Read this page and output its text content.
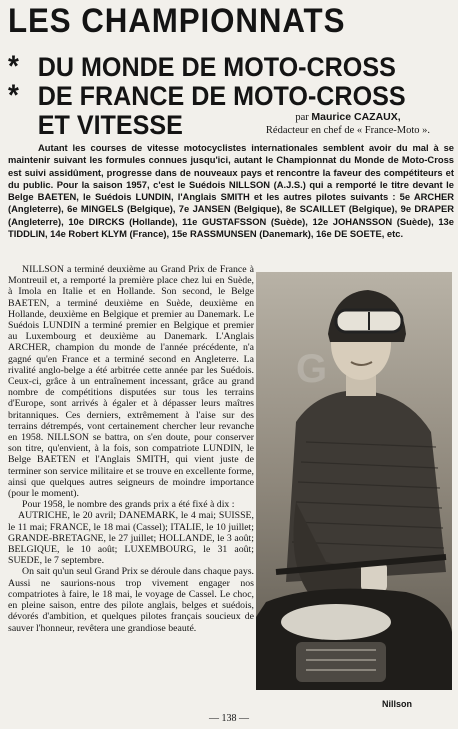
LES CHAMPIONNATS
* DU MONDE DE MOTO-CROSS
* DE FRANCE DE MOTO-CROSS
ET VITESSE	par Maurice CAZAUX,
Rédacteur en chef de « France-Moto ».

Autant les courses de vitesse motocyclistes internationales semblent avoir du mal à se maintenir suivant les formules connues jusqu'ici, autant le Championnat du Monde de Moto-Cross est suivi assidûment, progresse dans de nouveaux pays et rencontre la faveur des compétiteurs et du public. Pour la saison 1957, c'est le Suédois NILLSON (A.J.S.) qui a remporté le titre devant le Belge BAETEN, le Suédois LUNDIN, l'Anglais SMITH et les autres pilotes suivants : 5e ARCHER (Angleterre), 6e MINGELS (Belgique), 7e JANSEN (Belgique), 8e SCAILLET (Belgique), 9e DRAPER (Angleterre), 10e DIRCKS (Hollande), 11e GUSTAFSSON (Suède), 12e JOHANSSON (Suède), 13e TIDDLIN, 14e Robert KLYM (France), 15e RASSMUNSEN (Danemark), 16e DE SOETE, etc.

NILLSON a terminé deuxième au Grand Prix de France à Montreuil et, a remporté la première place chez lui en Suède, à Imola en Italie et en Hollande. Son second, le Belge BAETEN, a terminé deuxième en Suède, deuxième en Hollande, deuxième en Belgique et premier au Danemark. Le Suédois LUNDIN a terminé premier en Belgique et premier au Luxembourg et deuxième au Danemark. L'Anglais ARCHER, champion du monde de l'année précédente, n'a gagné qu'en France et a terminé second en Angleterre. La rivalité anglo-belge a été arbitrée cette année par les Suédois. Ceux-ci, grâce à un entraînement incessant, grâce au grand nombre de compétitions disputées sur tous les terrains d'Europe, sont arrivés à égaler et à dépasser leurs maîtres britanniques. Ces derniers, extrêmement à l'aise sur des terrains détrempés, vont certainement chercher leur revanche en 1958. NILLSON se battra, on s'en doute, pour conserver son titre, qu'envient, à la fois, son compatriote LUNDIN, le Belge BAETEN et l'Anglais SMITH, qui vient juste de terminer son service militaire et se trouve en excellente forme, ainsi que quelques autres seigneurs de moindre importance (pour le moment).

Pour 1958, le nombre des grands prix a été fixé à dix :

AUTRICHE, le 20 avril; DANEMARK, le 4 mai; SUISSE, le 11 mai; FRANCE, le 18 mai (Cassel); ITALIE, le 10 juillet; GRANDE-BRETAGNE, le 27 juillet; HOLLANDE, le 3 août; BELGIQUE, le 10 août; LUXEMBOURG, le 31 août; SUEDE, le 7 septembre.

On sait qu'un seul Grand Prix se déroule dans chaque pays. Aussi ne saurions-nous trop vivement engager nos compatriotes à faire, le 18 mai, le voyage de Cassel. Le choc, en pleine saison, entre des pilote anglais, belges et suédois, dévorés d'ambition, et quelques pilotes français soucieux de sauver l'honneur, revêtera une grandiose beauté.

G
Nillson
— 138 —
